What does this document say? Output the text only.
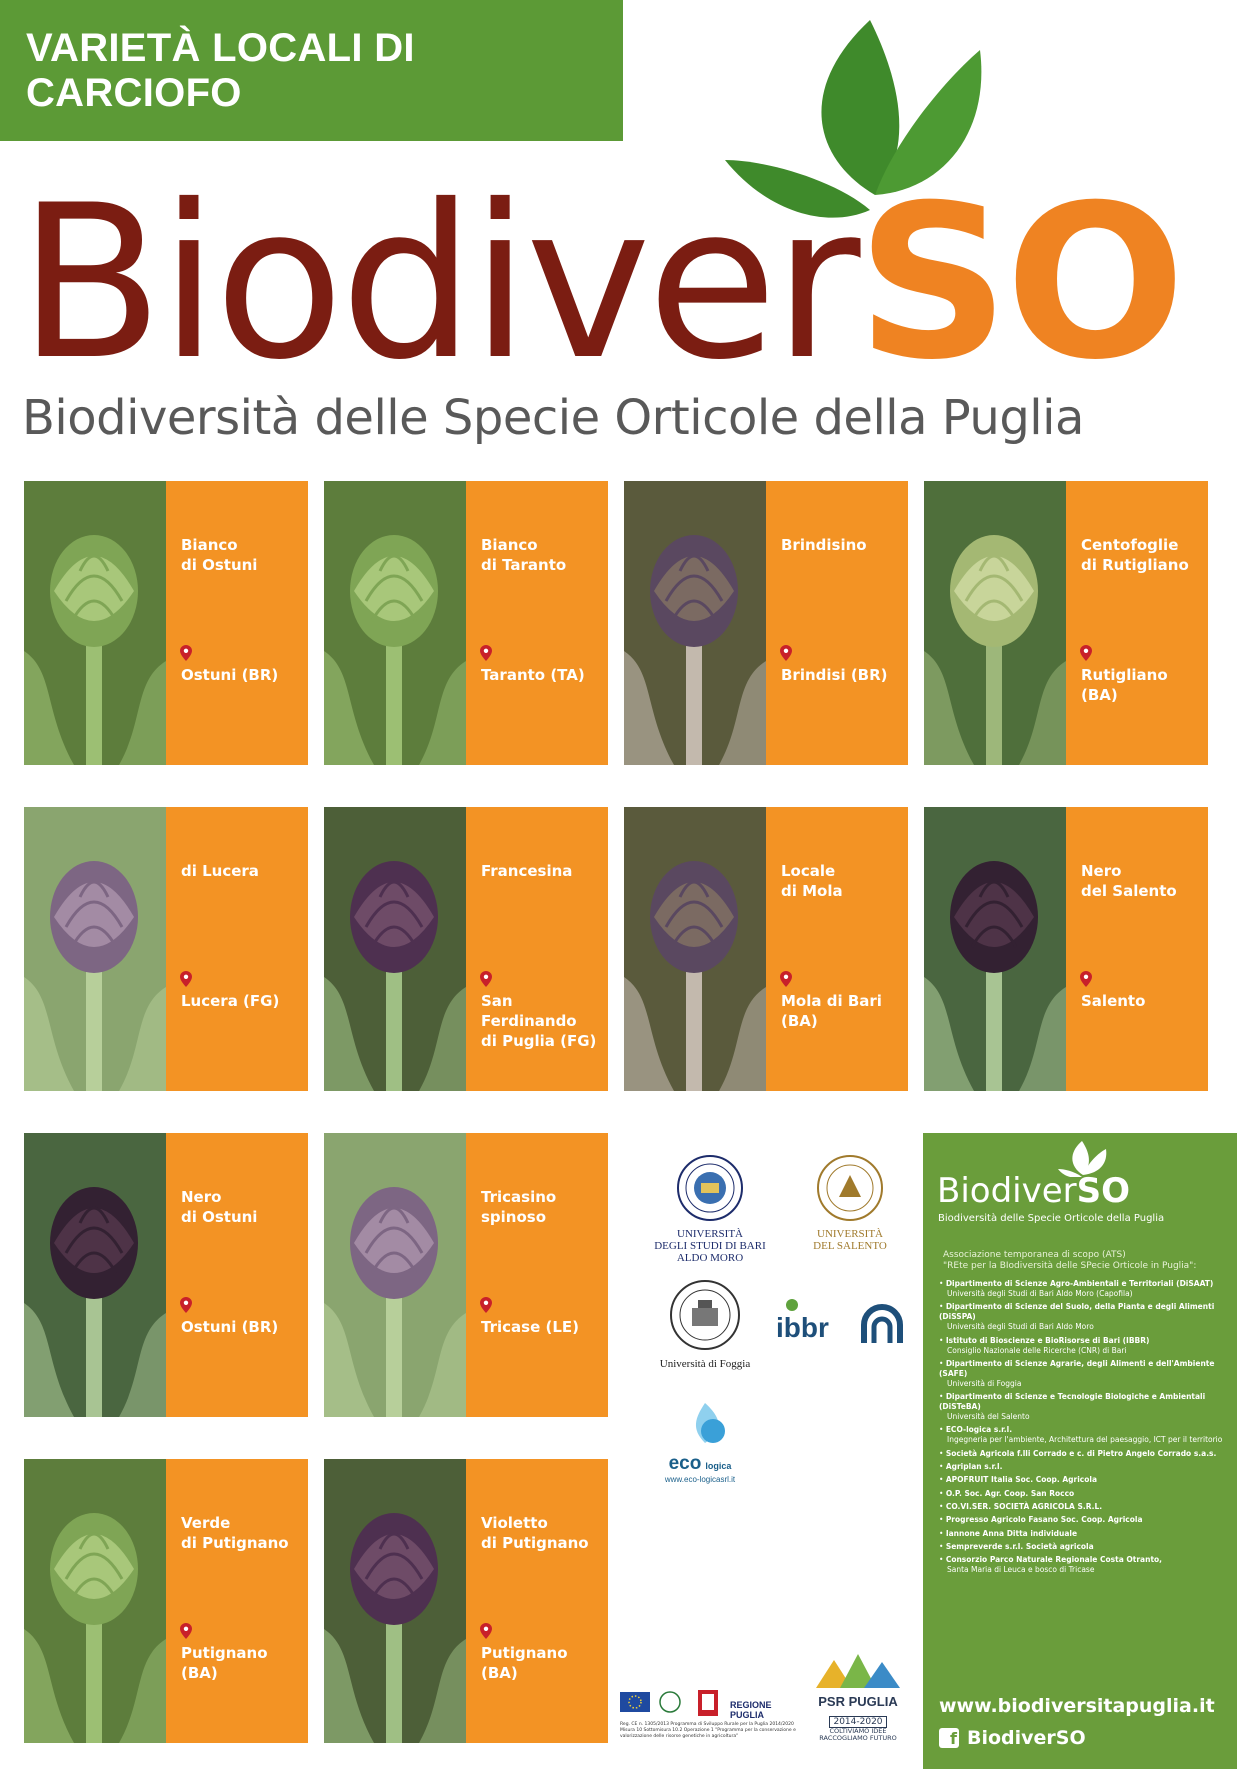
VARIETÀ LOCALI DI CARCIOFO
BiodiverSO
Biodiversità delle Specie Orticole della Puglia
Bianco
di Ostuni
Ostuni (BR)
Bianco
di Taranto
Taranto (TA)
Brindisino
Brindisi (BR)
Centofoglie
di Rutigliano
Rutigliano (BA)
di Lucera
Lucera (FG)
Francesina
San Ferdinando
di Puglia (FG)
Locale
di Mola
Mola di Bari
(BA)
Nero
del Salento
Salento
Nero
di Ostuni
Ostuni (BR)
Tricasino
spinoso
Tricase (LE)
Verde
di Putignano
Putignano (BA)
Violetto
di Putignano
Putignano (BA)
UNIVERSITÀ
DEGLI STUDI DI BARI
ALDO MORO
UNIVERSITÀ
DEL SALENTO
Università di Foggia
ibbr
eco logica
www.eco-logicasrl.it
REGIONE
PUGLIA
Reg. CE n. 1305/2013 Programma di Sviluppo Rurale per la Puglia 2014/2020 Misura 10 Sottomisura 10.2 Operazione 1 "Programma per la conservazione e valorizzazione delle risorse genetiche in agricoltura"
PSR PUGLIA
2014-2020
COLTIVIAMO IDEE
RACCOGLIAMO FUTURO
BiodiverSO
Biodiversità delle Specie Orticole della Puglia
Associazione temporanea di scopo (ATS)
"REte per la BIodiversità delle SPecie Orticole in Puglia":
• Dipartimento di Scienze Agro-Ambientali e Territoriali (DiSAAT)
Università degli Studi di Bari Aldo Moro (Capofila)
• Dipartimento di Scienze del Suolo, della Pianta e degli Alimenti (DiSSPA)
Università degli Studi di Bari Aldo Moro
• Istituto di Bioscienze e BioRisorse di Bari (IBBR)
Consiglio Nazionale delle Ricerche (CNR) di Bari
• Dipartimento di Scienze Agrarie, degli Alimenti e dell'Ambiente (SAFE)
Università di Foggia
• Dipartimento di Scienze e Tecnologie Biologiche e Ambientali (DiSTeBA)
Università del Salento
• ECO-logica s.r.l.
Ingegneria per l'ambiente, Architettura del paesaggio, ICT per il territorio
• Società Agricola f.lli Corrado e c. di Pietro Angelo Corrado s.a.s.
• Agriplan s.r.l.
• APOFRUIT Italia Soc. Coop. Agricola
• O.P. Soc. Agr. Coop. San Rocco
• CO.VI.SER. SOCIETÀ AGRICOLA S.R.L.
• Progresso Agricolo Fasano Soc. Coop. Agricola
• Iannone Anna Ditta individuale
• Sempreverde s.r.l. Società agricola
• Consorzio Parco Naturale Regionale Costa Otranto,
Santa Maria di Leuca e bosco di Tricase
www.biodiversitapuglia.it
f BiodiverSO
